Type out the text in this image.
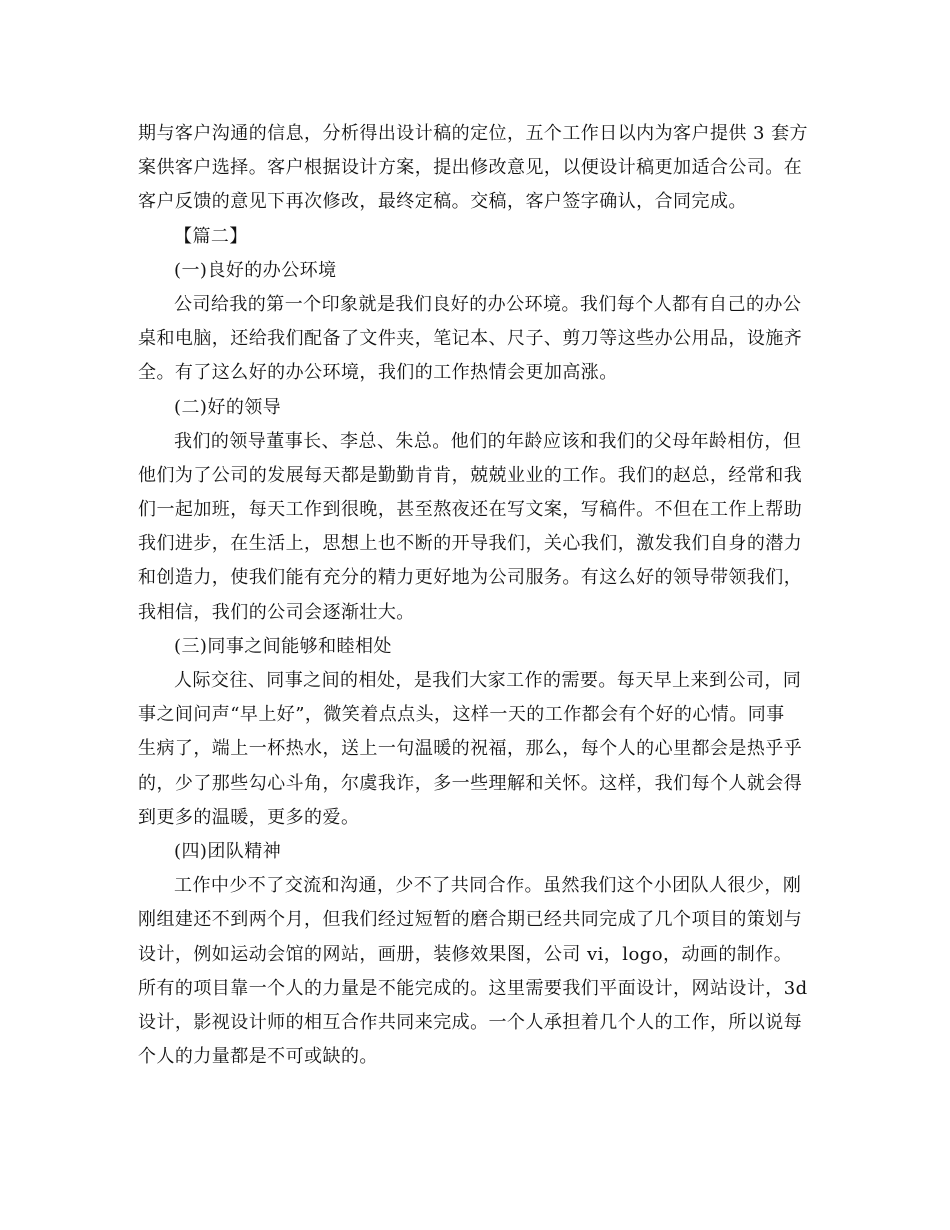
期与客户沟通的信息，分析得出设计稿的定位，五个工作日以内为客户提供 3 套方
案供客户选择。客户根据设计方案，提出修改意见，以便设计稿更加适合公司。在
客户反馈的意见下再次修改，最终定稿。交稿，客户签字确认，合同完成。
【篇二】
(一)良好的办公环境
公司给我的第一个印象就是我们良好的办公环境。我们每个人都有自己的办公
桌和电脑，还给我们配备了文件夹，笔记本、尺子、剪刀等这些办公用品，设施齐
全。有了这么好的办公环境，我们的工作热情会更加高涨。
(二)好的领导
我们的领导董事长、李总、朱总。他们的年龄应该和我们的父母年龄相仿，但
他们为了公司的发展每天都是勤勤肯肯，兢兢业业的工作。我们的赵总，经常和我
们一起加班，每天工作到很晚，甚至熬夜还在写文案，写稿件。不但在工作上帮助
我们进步，在生活上，思想上也不断的开导我们，关心我们，激发我们自身的潜力
和创造力，使我们能有充分的精力更好地为公司服务。有这么好的领导带领我们，
我相信，我们的公司会逐渐壮大。
(三)同事之间能够和睦相处
人际交往、同事之间的相处，是我们大家工作的需要。每天早上来到公司，同
事之间问声“早上好”，微笑着点点头，这样一天的工作都会有个好的心情。同事
生病了，端上一杯热水，送上一句温暖的祝福，那么，每个人的心里都会是热乎乎
的，少了那些勾心斗角，尔虞我诈，多一些理解和关怀。这样，我们每个人就会得
到更多的温暖，更多的爱。
(四)团队精神
工作中少不了交流和沟通，少不了共同合作。虽然我们这个小团队人很少，刚
刚组建还不到两个月，但我们经过短暂的磨合期已经共同完成了几个项目的策划与
设计，例如运动会馆的网站，画册，装修效果图，公司 vi，logo，动画的制作。
所有的项目靠一个人的力量是不能完成的。这里需要我们平面设计，网站设计，3d
设计，影视设计师的相互合作共同来完成。一个人承担着几个人的工作，所以说每
个人的力量都是不可或缺的。
